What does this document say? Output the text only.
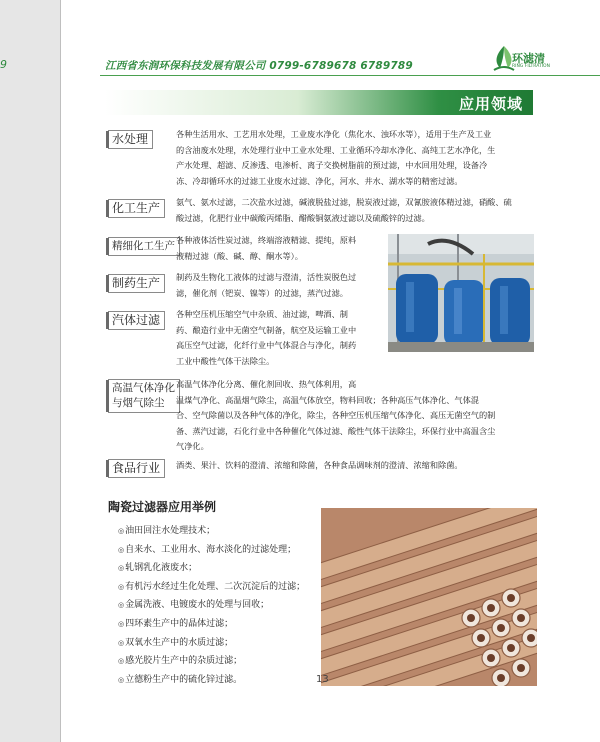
9	江西省东润环保科技发展有限公司 0799-6789678 6789789
环滤清
RING FILTRATION
应用领域
水处理	各种生活用水、工艺用水处理，工业废水净化（焦化水、浊环水等），适用于生产及工业
的含油废水处理，水处理行业中工业水处理、工业循环冷却水净化、高纯工艺水净化，生
产水处理、超滤、反渗透、电渗析、离子交换树脂前的预过滤，中水回用处理，设备冷
冻、冷却循环水的过滤工业废水过滤、净化，河水、井水、湖水等的精密过滤。
化工生产	氨气、氨水过滤，二次盐水过滤，碱液脱盐过滤，脱炭液过滤，双氰胺液体精过滤，硝酸、硫
酸过滤，化肥行业中碳酸丙烯脂、醋酸铜氨液过滤以及硫酸锌的过滤。
精细化工生产 各种液体活性炭过滤，终端溶液精滤、提纯，原料
液精过滤（酸、碱、醇、酮水等）。
制药生产	制药及生物化工液体的过滤与澄清，活性炭脱色过
滤，催化剂（钯炭、镍等）的过滤，蒸汽过滤。
汽体过滤	各种空压机压缩空气中杂质、油过滤，啤酒、制
药、酿造行业中无菌空气制备，航空及运输工业中
高压空气过滤，化纤行业中气体混合与净化，制药
工业中酸性气体干法除尘。
高温气体净化
与烟气除尘
高温气体净化分离、催化剂回收、热气体利用，高
温煤气净化、高温烟气除尘，高温气体放空，物料回收；各种高压气体净化、气体混
合、空气除菌以及各种气体的净化，除尘，各种空压机压缩气体净化、高压无菌空气的制
备、蒸汽过滤，石化行业中各种催化气体过滤、酸性气体干法除尘，环保行业中高温含尘
气净化。
食品行业	酒类、果汁、饮料的澄清、浓缩和除菌，各种食品调味剂的澄清、浓缩和除菌。
陶瓷过滤器应用举例
◎ 油田回注水处理技术；
◎ 自来水、工业用水、海水淡化的过滤处理；
◎ 轧钢乳化液废水；
◎ 有机污水经过生化处理、二次沉淀后的过滤；
◎ 金属洗液、电镀废水的处理与回收；
◎ 四环素生产中的晶体过滤；
◎ 双氧水生产中的水质过滤；
◎ 感光胶片生产中的杂质过滤；
◎ 立德粉生产中的硫化锌过滤。	13
